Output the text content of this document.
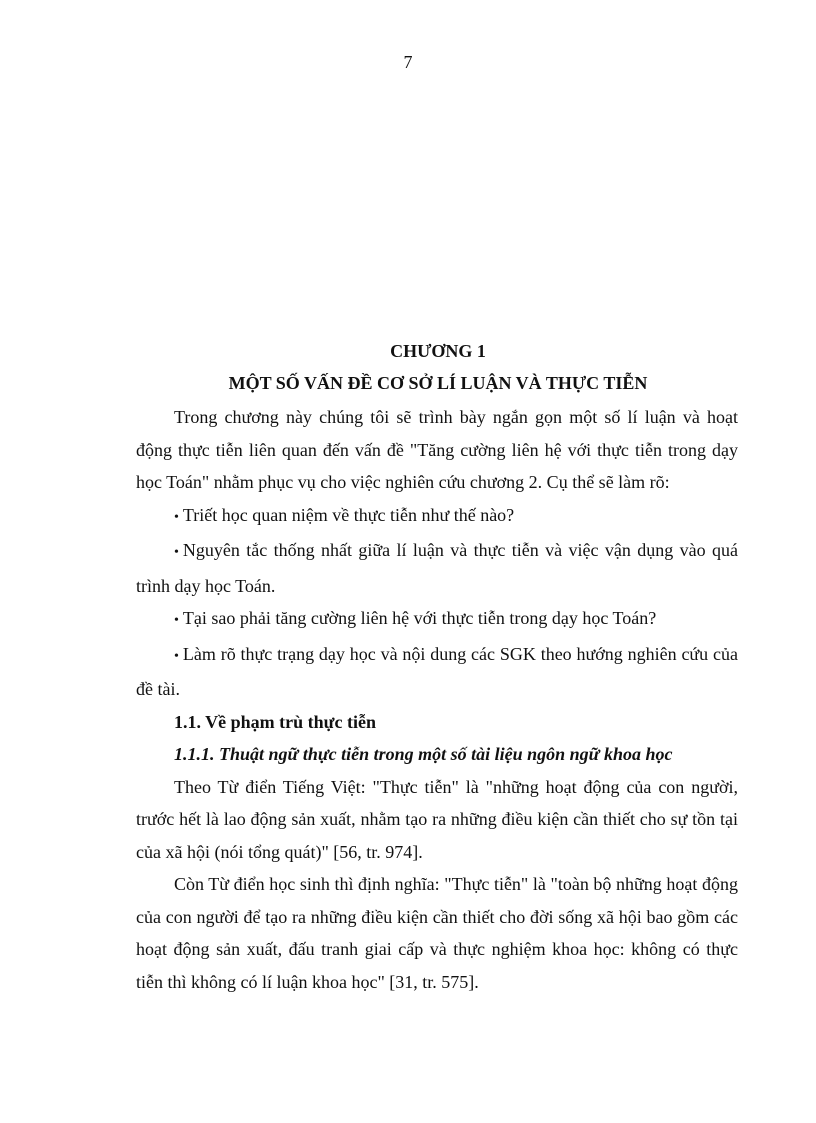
7
CHƯƠNG 1
MỘT SỐ VẤN ĐỀ CƠ SỞ LÍ LUẬN VÀ THỰC TIỄN

Trong chương này chúng tôi sẽ trình bày ngắn gọn một số lí luận và hoạt động thực tiễn liên quan đến vấn đề "Tăng cường liên hệ với thực tiễn trong dạy học Toán" nhằm phục vụ cho việc nghiên cứu chương 2. Cụ thể sẽ làm rõ:

• Triết học quan niệm về thực tiễn như thế nào?

• Nguyên tắc thống nhất giữa lí luận và thực tiễn và việc vận dụng vào quá trình dạy học Toán.

• Tại sao phải tăng cường liên hệ với thực tiễn trong dạy học Toán?

• Làm rõ thực trạng dạy học và nội dung các SGK theo hướng nghiên cứu của đề tài.

1.1. Về phạm trù thực tiễn

1.1.1. Thuật ngữ thực tiễn trong một số tài liệu ngôn ngữ khoa học

Theo Từ điển Tiếng Việt: "Thực tiễn" là "những hoạt động của con người, trước hết là lao động sản xuất, nhằm tạo ra những điều kiện cần thiết cho sự tồn tại của xã hội (nói tổng quát)" [56, tr. 974].

Còn Từ điển học sinh thì định nghĩa: "Thực tiễn" là "toàn bộ những hoạt động của con người để tạo ra những điều kiện cần thiết cho đời sống xã hội bao gồm các hoạt động sản xuất, đấu tranh giai cấp và thực nghiệm khoa học: không có thực tiễn thì không có lí luận khoa học" [31, tr. 575].
